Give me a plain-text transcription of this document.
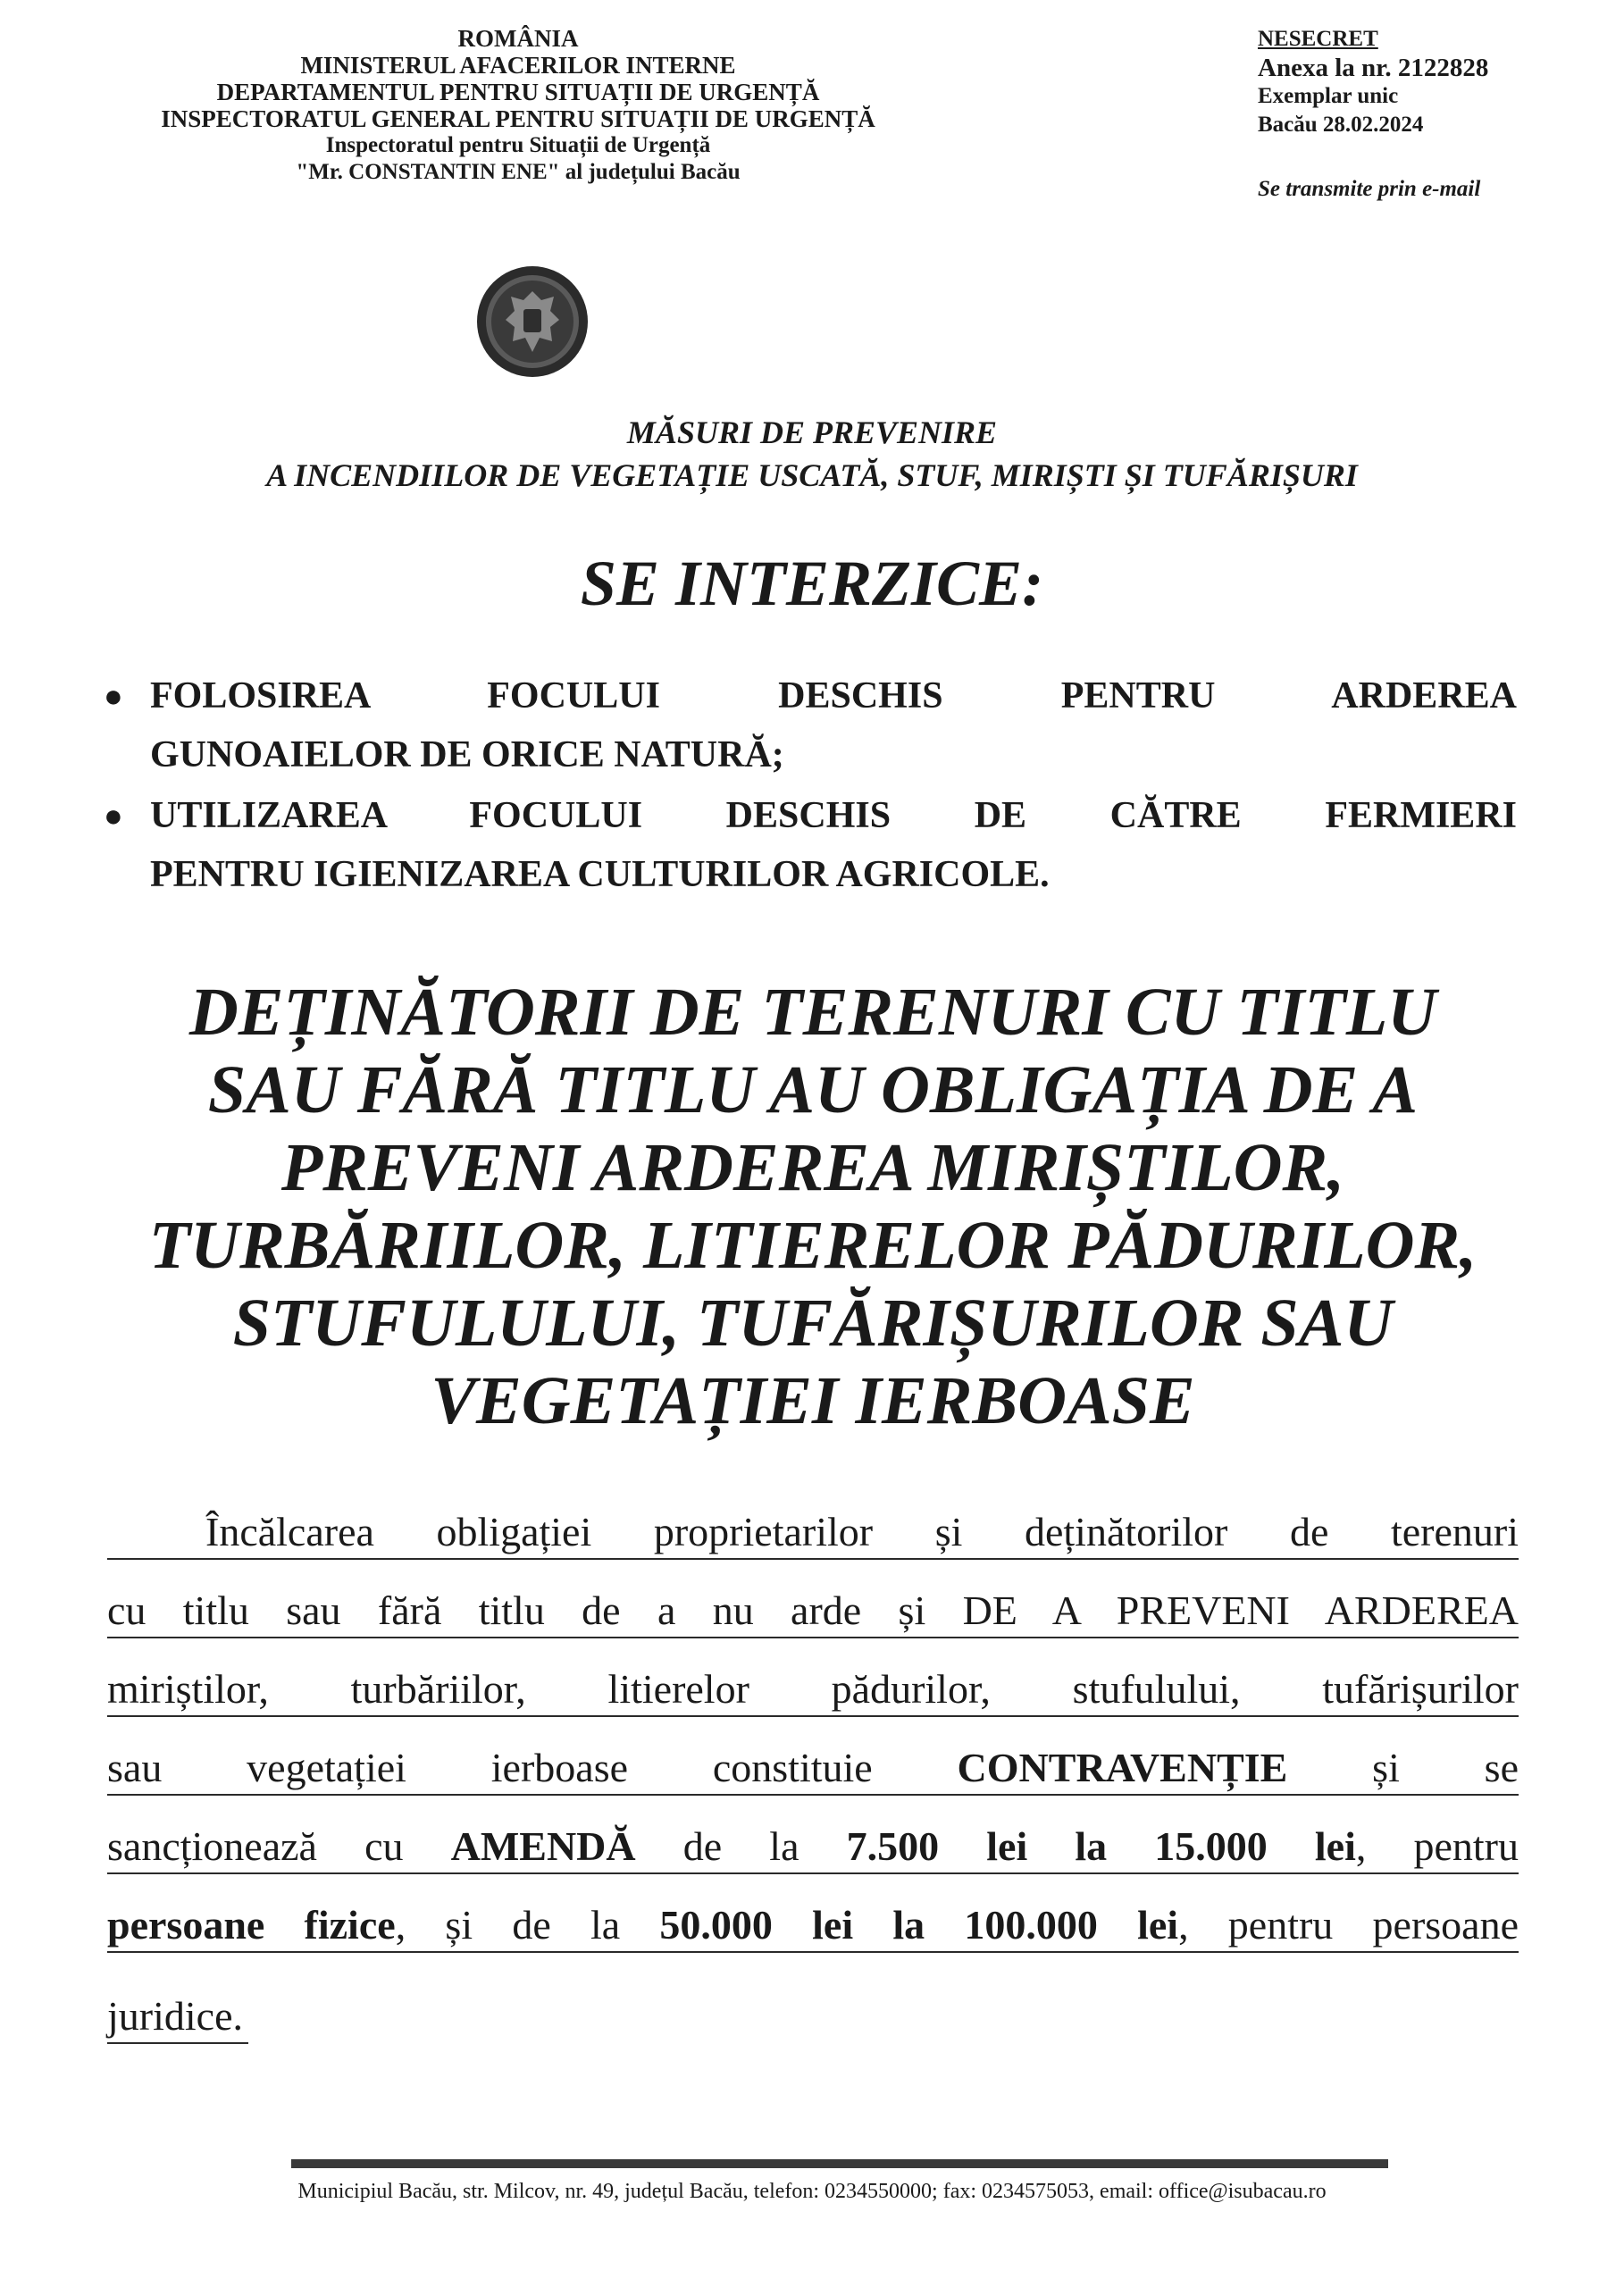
ROMÂNIA
MINISTERUL AFACERILOR INTERNE
DEPARTAMENTUL PENTRU SITUAȚII DE URGENȚĂ
INSPECTORATUL GENERAL PENTRU SITUAȚII DE URGENȚĂ
Inspectoratul pentru Situații de Urgență
"Mr. CONSTANTIN ENE" al județului Bacău
NESECRET
Anexa la nr. 2122828
Exemplar unic
Bacău 28.02.2024
Se transmite prin e-mail
MĂSURI DE PREVENIRE
A INCENDIILOR DE VEGETAȚIE USCATĂ, STUF, MIRIȘTI ȘI TUFĂRIȘURI
SE INTERZICE:
● FOLOSIREA FOCULUI DESCHIS PENTRU ARDEREA
GUNOAIELOR DE ORICE NATURĂ;
● UTILIZAREA FOCULUI DESCHIS DE CĂTRE FERMIERI
PENTRU IGIENIZAREA CULTURILOR AGRICOLE.
DEȚINĂTORII DE TERENURI CU TITLU
SAU FĂRĂ TITLU AU OBLIGAȚIA DE A
PREVENI ARDEREA MIRIȘTILOR,
TURBĂRIILOR, LITIERELOR PĂDURILOR,
STUFULULUI, TUFĂRIȘURILOR SAU
VEGETAȚIEI IERBOASE
Încălcarea obligației proprietarilor și deținătorilor de terenuri
cu titlu sau fără titlu de a nu arde și DE A PREVENI ARDEREA
miriștilor, turbăriilor, litierelor pădurilor, stufulului, tufărișurilor
sau vegetației ierboase constituie CONTRAVENȚIE și se
sancționează cu AMENDĂ de la 7.500 lei la 15.000 lei, pentru
persoane fizice, și de la 50.000 lei la 100.000 lei, pentru persoane
juridice.
Municipiul Bacău, str. Milcov, nr. 49, județul Bacău, telefon: 0234550000; fax: 0234575053, email: office@isubacau.ro
